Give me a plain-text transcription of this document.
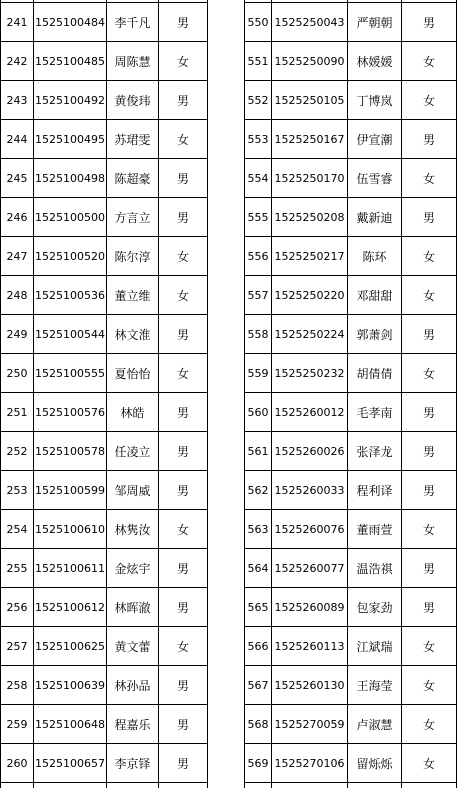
241	1525100484	李千凡	男
242	1525100485	周陈慧	女
243	1525100492	黄俊玮	男
244	1525100495	苏珺雯	女
245	1525100498	陈超豪	男
246	1525100500	方言立	男
247	1525100520	陈尔淳	女
248	1525100536	董立维	女
249	1525100544	林文淮	男
250	1525100555	夏怡怡	女
251	1525100576	林皓	男
252	1525100578	任凌立	男
253	1525100599	邹周威	男
254	1525100610	林隽汝	女
255	1525100611	金炫宇	男
256	1525100612	林晖澈	男
257	1525100625	黄文蕾	女
258	1525100639	林孙品	男
259	1525100648	程嘉乐	男
260	1525100657	李京铎	男

550	1525250043	严朝朝	男
551	1525250090	林媛媛	女
552	1525250105	丁博岚	女
553	1525250167	伊宣潮	男
554	1525250170	伍雪睿	女
555	1525250208	戴新迪	男
556	1525250217	陈环	女
557	1525250220	邓甜甜	女
558	1525250224	郭萧剑	男
559	1525250232	胡倩倩	女
560	1525260012	毛孝南	男
561	1525260026	张泽龙	男
562	1525260033	程利译	男
563	1525260076	董雨萱	女
564	1525260077	温浩祺	男
565	1525260089	包家劲	男
566	1525260113	江斌瑞	女
567	1525260130	王海莹	女
568	1525270059	卢淑慧	女
569	1525270106	留烁烁	女
